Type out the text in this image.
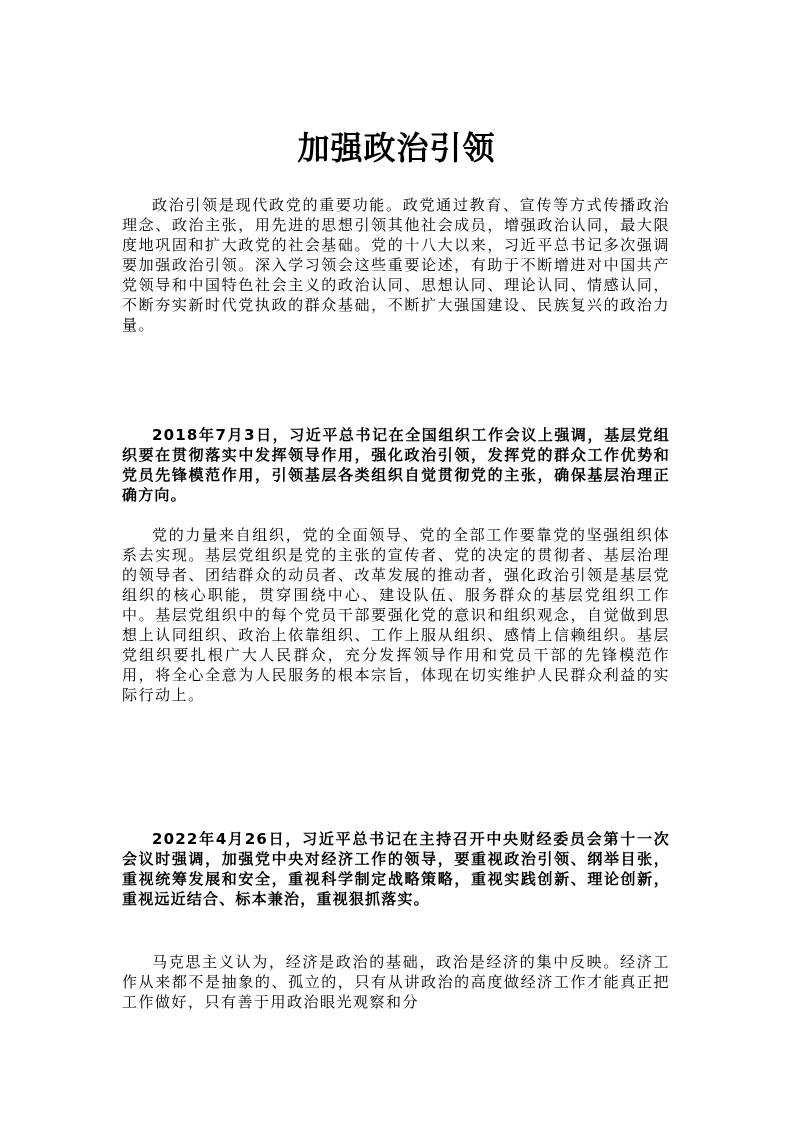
加强政治引领

政治引领是现代政党的重要功能。政党通过教育、宣传等方式传播政治理念、政治主张，用先进的思想引领其他社会成员，增强政治认同，最大限度地巩固和扩大政党的社会基础。党的十八大以来，习近平总书记多次强调要加强政治引领。深入学习领会这些重要论述，有助于不断增进对中国共产党领导和中国特色社会主义的政治认同、思想认同、理论认同、情感认同，不断夯实新时代党执政的群众基础，不断扩大强国建设、民族复兴的政治力量。

2018年7月3日，习近平总书记在全国组织工作会议上强调，基层党组织要在贯彻落实中发挥领导作用，强化政治引领，发挥党的群众工作优势和党员先锋模范作用，引领基层各类组织自觉贯彻党的主张，确保基层治理正确方向。

党的力量来自组织，党的全面领导、党的全部工作要靠党的坚强组织体系去实现。基层党组织是党的主张的宣传者、党的决定的贯彻者、基层治理的领导者、团结群众的动员者、改革发展的推动者，强化政治引领是基层党组织的核心职能，贯穿围绕中心、建设队伍、服务群众的基层党组织工作中。基层党组织中的每个党员干部要强化党的意识和组织观念，自觉做到思想上认同组织、政治上依靠组织、工作上服从组织、感情上信赖组织。基层党组织要扎根广大人民群众，充分发挥领导作用和党员干部的先锋模范作用，将全心全意为人民服务的根本宗旨，体现在切实维护人民群众利益的实际行动上。

2022年4月26日，习近平总书记在主持召开中央财经委员会第十一次会议时强调，加强党中央对经济工作的领导，要重视政治引领、纲举目张，重视统筹发展和安全，重视科学制定战略策略，重视实践创新、理论创新，重视远近结合、标本兼治，重视狠抓落实。

马克思主义认为，经济是政治的基础，政治是经济的集中反映。经济工作从来都不是抽象的、孤立的，只有从讲政治的高度做经济工作才能真正把工作做好，只有善于用政治眼光观察和分
